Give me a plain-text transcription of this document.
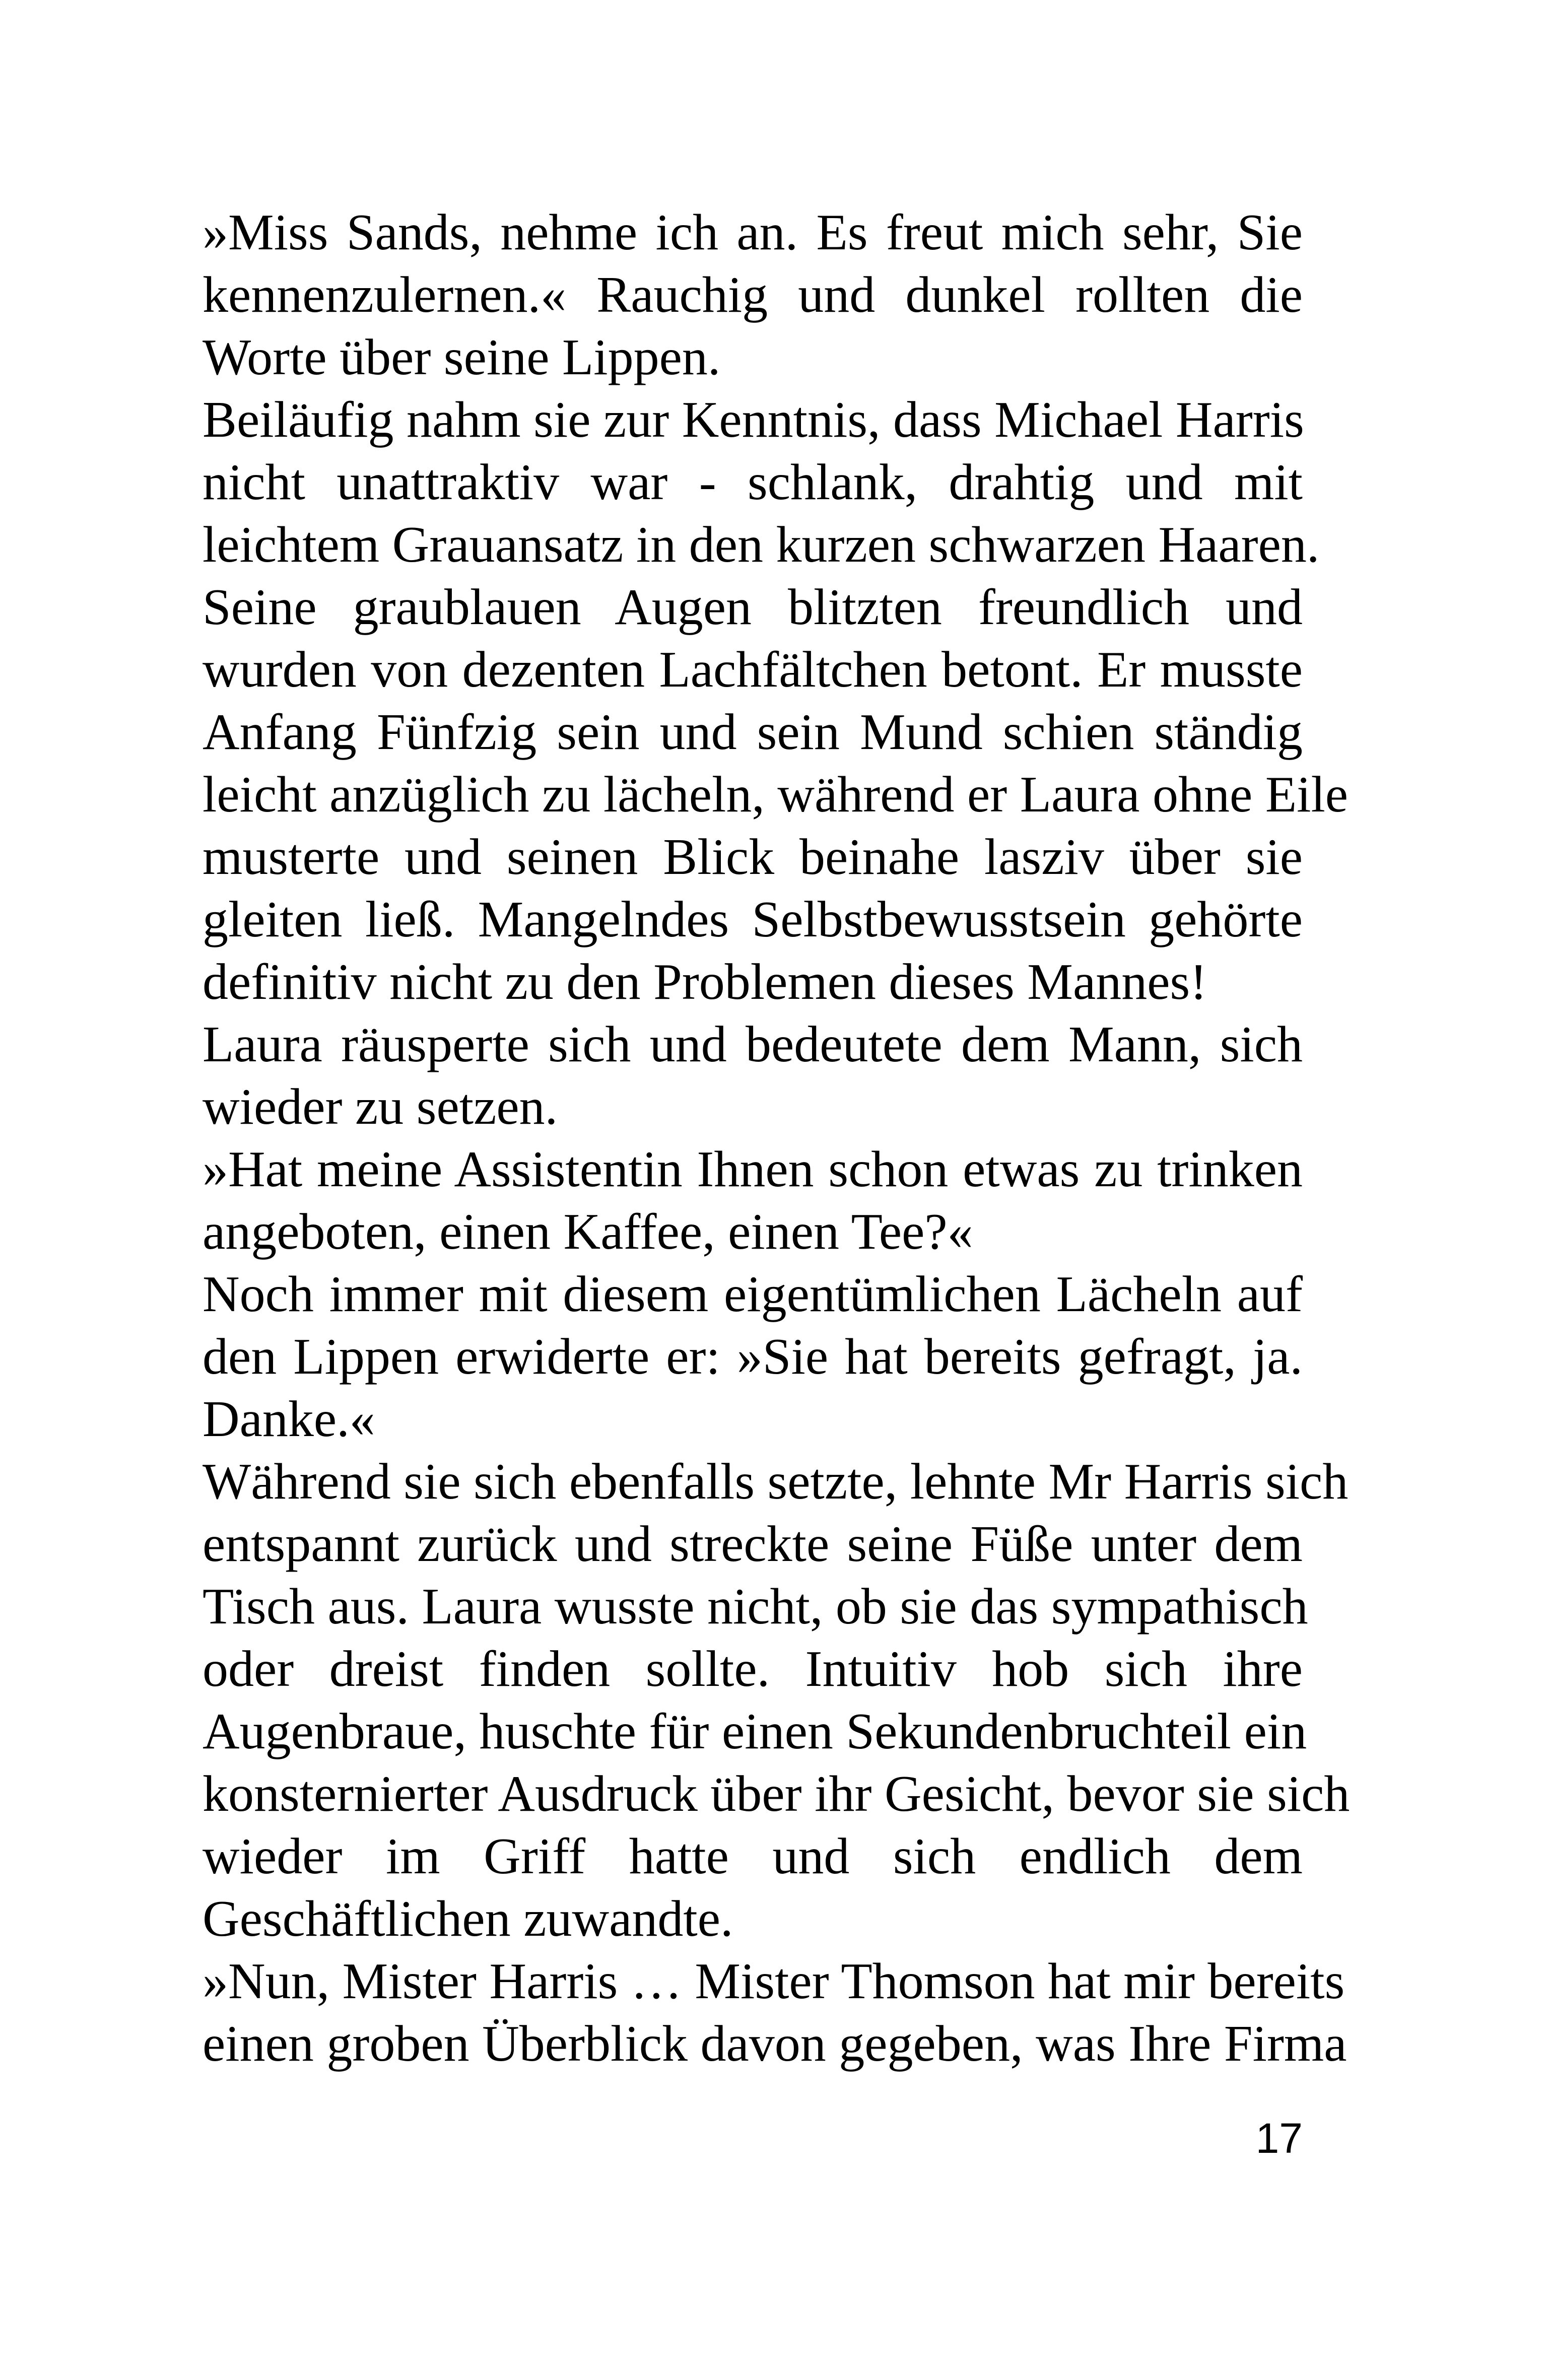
»Miss Sands, nehme ich an. Es freut mich sehr, Sie
kennenzulernen.« Rauchig und dunkel rollten die
Worte über seine Lippen.
Beiläufig nahm sie zur Kenntnis, dass Michael Harris
nicht unattraktiv war - schlank, drahtig und mit
leichtem Grauansatz in den kurzen schwarzen Haaren.
Seine graublauen Augen blitzten freundlich und
wurden von dezenten Lachfältchen betont. Er musste
Anfang Fünfzig sein und sein Mund schien ständig
leicht anzüglich zu lächeln, während er Laura ohne Eile
musterte und seinen Blick beinahe lasziv über sie
gleiten ließ. Mangelndes Selbstbewusstsein gehörte
definitiv nicht zu den Problemen dieses Mannes!
Laura räusperte sich und bedeutete dem Mann, sich
wieder zu setzen.
»Hat meine Assistentin Ihnen schon etwas zu trinken
angeboten, einen Kaffee, einen Tee?«
Noch immer mit diesem eigentümlichen Lächeln auf
den Lippen erwiderte er: »Sie hat bereits gefragt, ja.
Danke.«
Während sie sich ebenfalls setzte, lehnte Mr Harris sich
entspannt zurück und streckte seine Füße unter dem
Tisch aus. Laura wusste nicht, ob sie das sympathisch
oder dreist finden sollte. Intuitiv hob sich ihre
Augenbraue, huschte für einen Sekundenbruchteil ein
konsternierter Ausdruck über ihr Gesicht, bevor sie sich
wieder im Griff hatte und sich endlich dem
Geschäftlichen zuwandte.
»Nun, Mister Harris … Mister Thomson hat mir bereits
einen groben Überblick davon gegeben, was Ihre Firma
17
